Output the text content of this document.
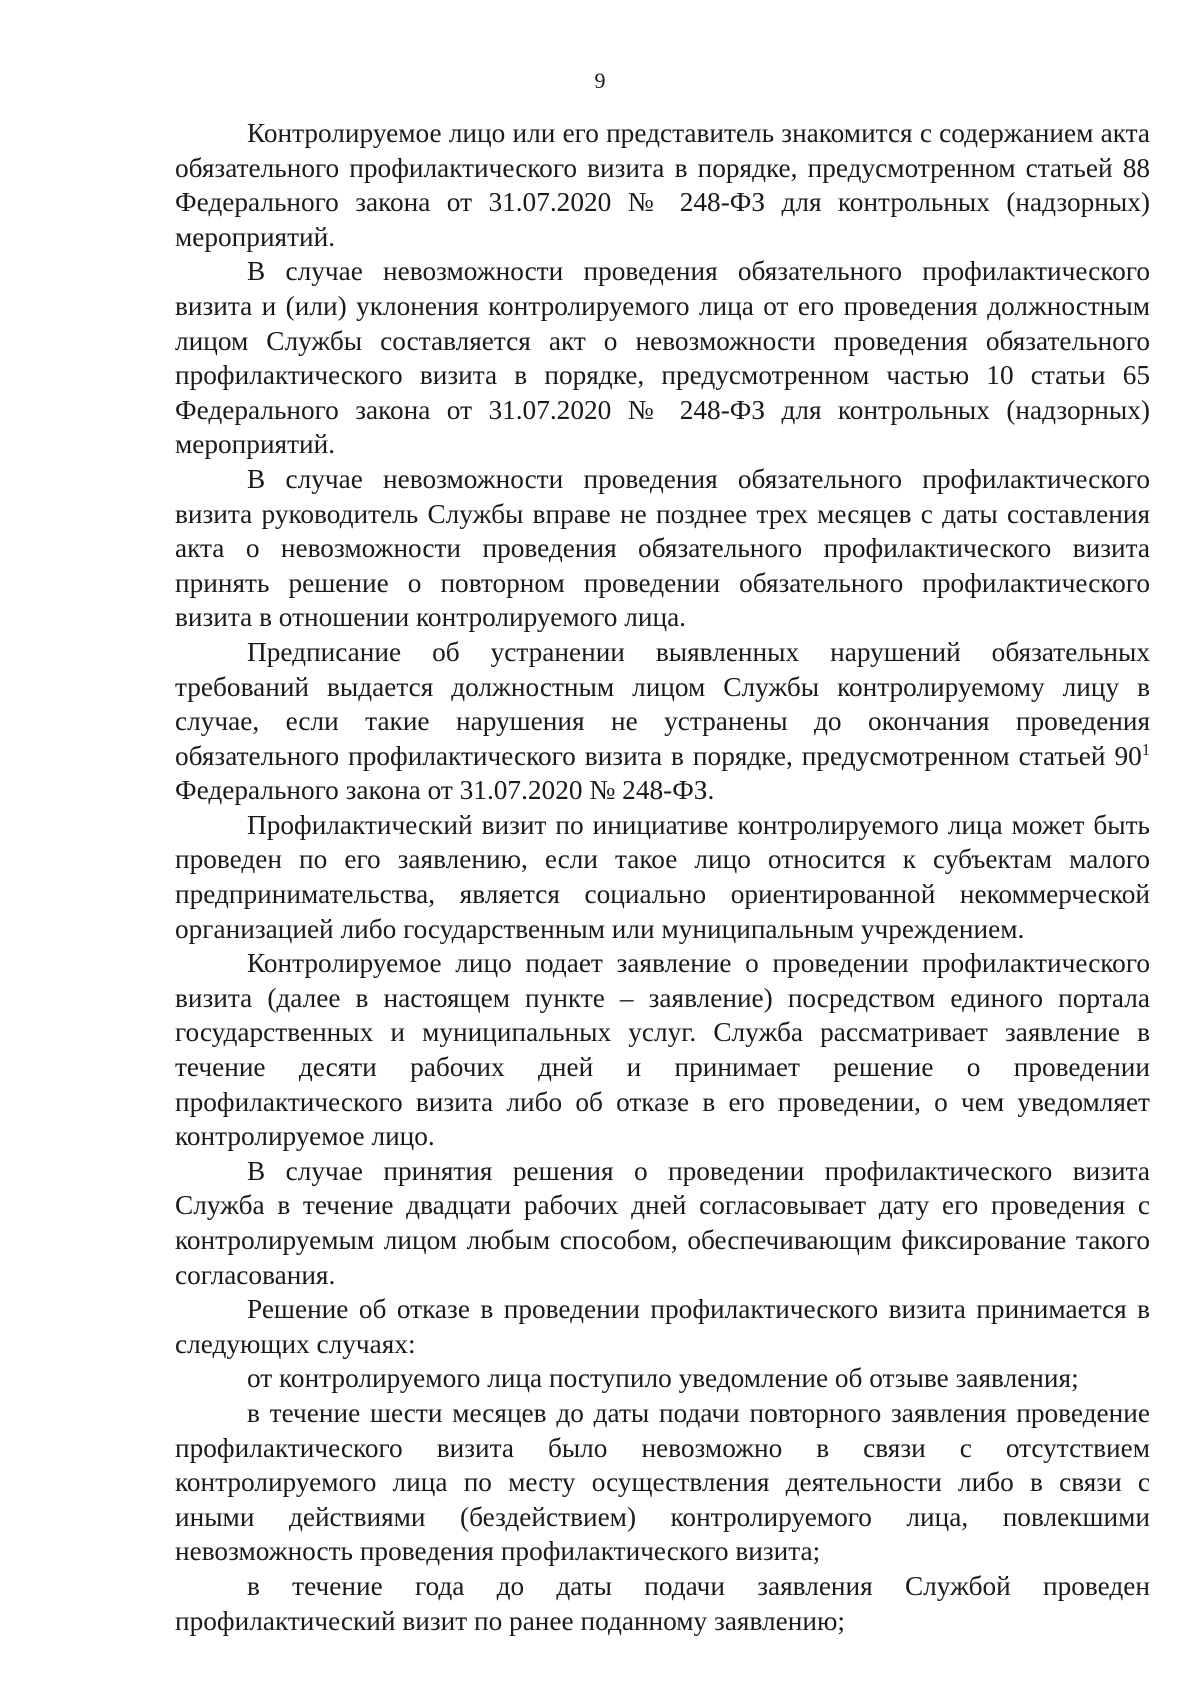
9

Контролируемое лицо или его представитель знакомится с содержанием акта обязательного профилактического визита в порядке, предусмотренном статьей 88 Федерального закона от 31.07.2020 № 248-ФЗ для контрольных (надзорных) мероприятий.

В случае невозможности проведения обязательного профилактического визита и (или) уклонения контролируемого лица от его проведения должностным лицом Службы составляется акт о невозможности проведения обязательного профилактического визита в порядке, предусмотренном частью 10 статьи 65 Федерального закона от 31.07.2020 № 248-ФЗ для контрольных (надзорных) мероприятий.

В случае невозможности проведения обязательного профилактического визита руководитель Службы вправе не позднее трех месяцев с даты составления акта о невозможности проведения обязательного профилактического визита принять решение о повторном проведении обязательного профилактического визита в отношении контролируемого лица.

Предписание об устранении выявленных нарушений обязательных требований выдается должностным лицом Службы контролируемому лицу в случае, если такие нарушения не устранены до окончания проведения обязательного профилактического визита в порядке, предусмотренном статьей $90^1$ Федерального закона от 31.07.2020 № 248-ФЗ.

Профилактический визит по инициативе контролируемого лица может быть проведен по его заявлению, если такое лицо относится к субъектам малого предпринимательства, является социально ориентированной некоммерческой организацией либо государственным или муниципальным учреждением.

Контролируемое лицо подает заявление о проведении профилактического визита (далее в настоящем пункте – заявление) посредством единого портала государственных и муниципальных услуг. Служба рассматривает заявление в течение десяти рабочих дней и принимает решение о проведении профилактического визита либо об отказе в его проведении, о чем уведомляет контролируемое лицо.

В случае принятия решения о проведении профилактического визита Служба в течение двадцати рабочих дней согласовывает дату его проведения с контролируемым лицом любым способом, обеспечивающим фиксирование такого согласования.

Решение об отказе в проведении профилактического визита принимается в следующих случаях:

от контролируемого лица поступило уведомление об отзыве заявления;

в течение шести месяцев до даты подачи повторного заявления проведение профилактического визита было невозможно в связи с отсутствием контролируемого лица по месту осуществления деятельности либо в связи с иными действиями (бездействием) контролируемого лица, повлекшими невозможность проведения профилактического визита;

в течение года до даты подачи заявления Службой проведен профилактический визит по ранее поданному заявлению;
